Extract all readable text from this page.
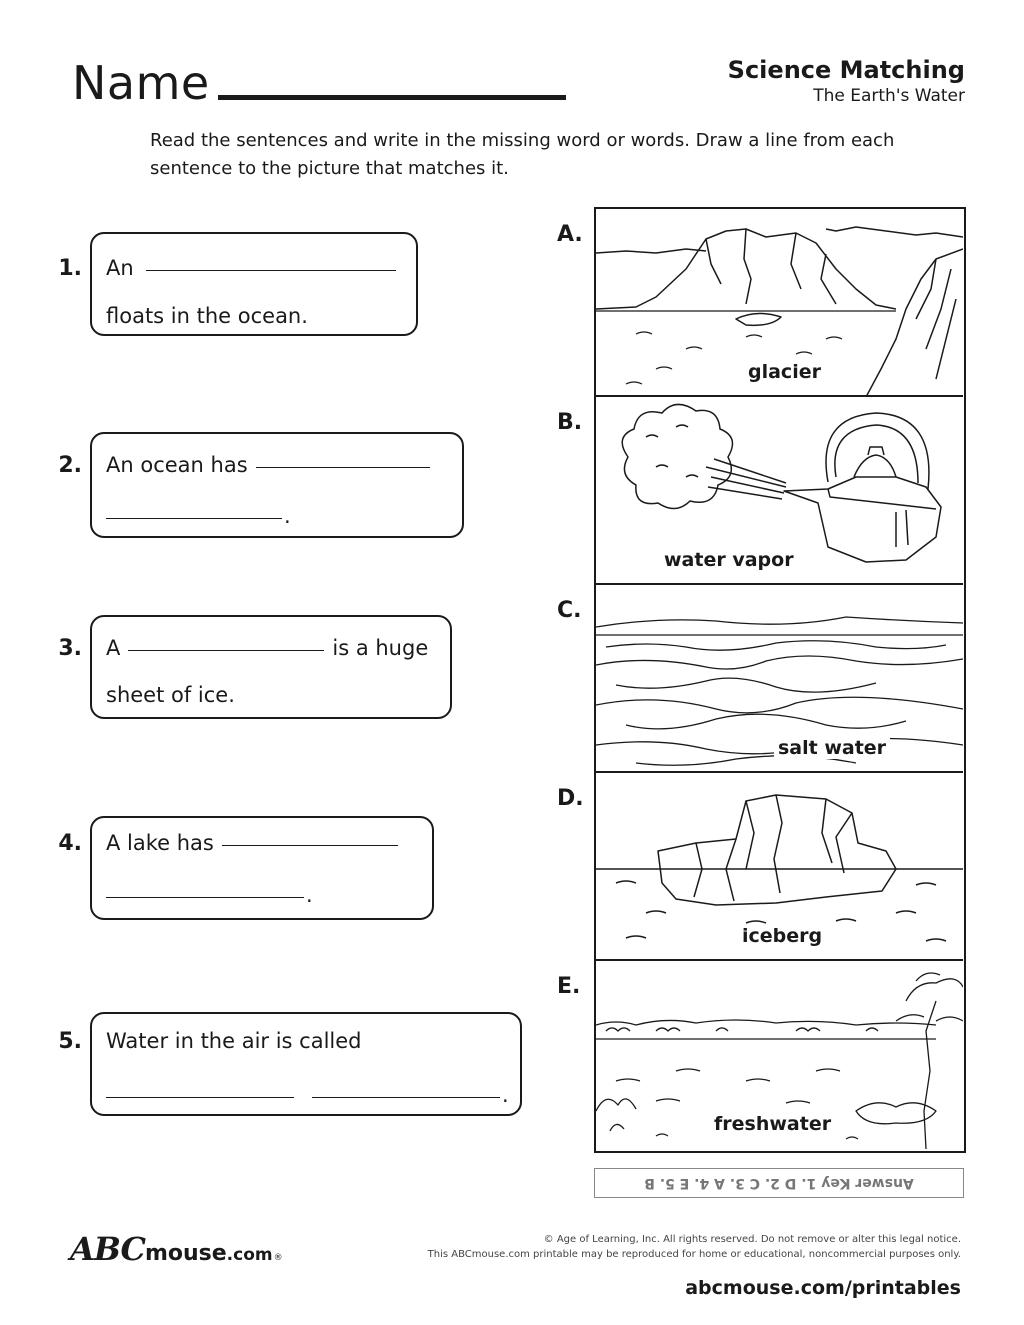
Name	Science Matching
The Earth's Water
Read the sentences and write in the missing word or words. Draw a line from each sentence to the picture that matches it.
1. An
floats in the ocean.
2. An ocean has
.
3. A	is a huge
sheet of ice.
4. A lake has
.
5. Water in the air is called
.
A.
B.
C.
D.
E.
glacier
water vapor
salt water
iceberg
freshwater
Answer Key 1. D 2. C 3. A 4. E 5. B
ABC mouse .com ®
© Age of Learning, Inc. All rights reserved. Do not remove or alter this legal notice.
This ABCmouse.com printable may be reproduced for home or educational, noncommercial purposes only.
abcmouse.com/printables
